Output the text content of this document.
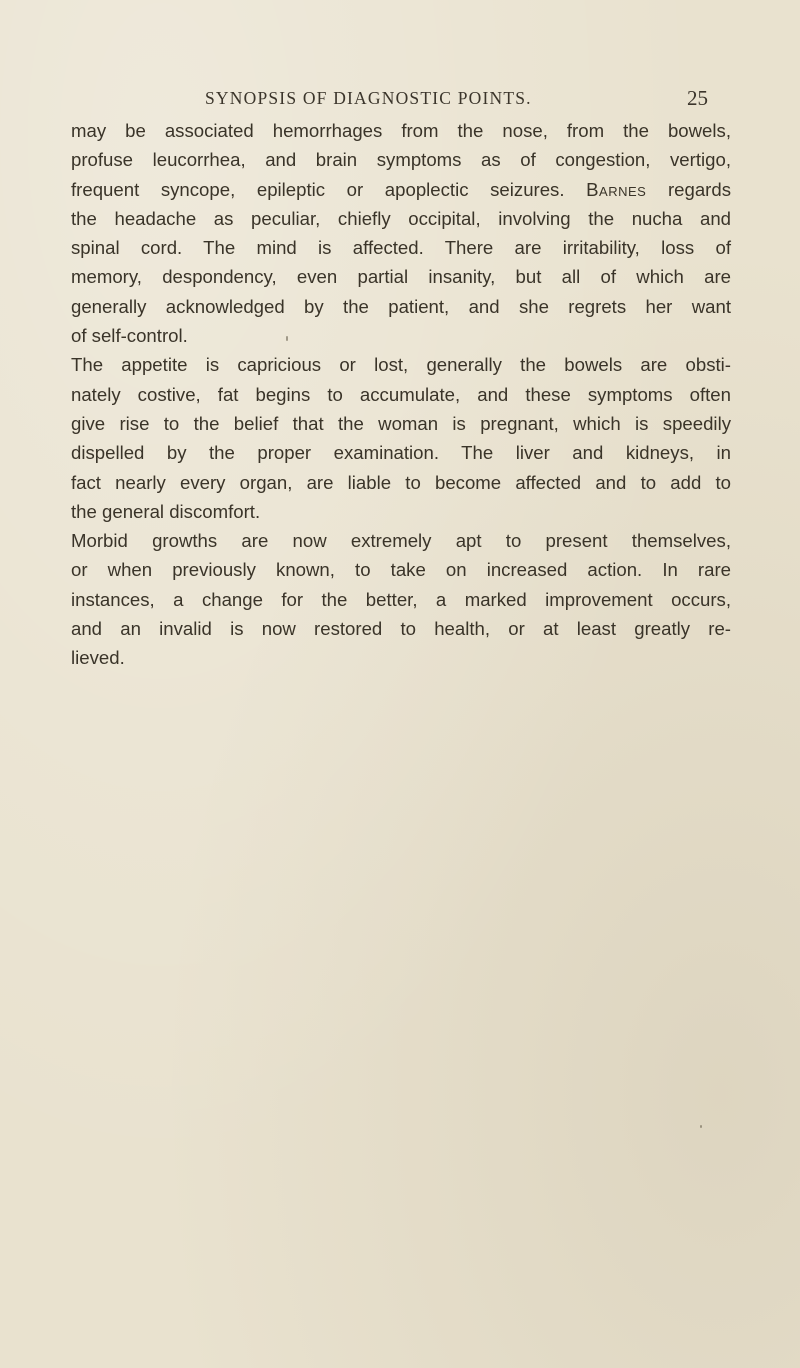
SYNOPSIS OF DIAGNOSTIC POINTS.	25
may be associated hemorrhages from the nose, from the bowels,
profuse leucorrhea, and brain symptoms as of congestion, vertigo,
frequent syncope, epileptic or apoplectic seizures. Barnes regards
the headache as peculiar, chiefly occipital, involving the nucha and
spinal cord. The mind is affected. There are irritability, loss of
memory, despondency, even partial insanity, but all of which are
generally acknowledged by the patient, and she regrets her want
of self-control.
The appetite is capricious or lost, generally the bowels are obsti-
nately costive, fat begins to accumulate, and these symptoms often
give rise to the belief that the woman is pregnant, which is speedily
dispelled by the proper examination. The liver and kidneys, in
fact nearly every organ, are liable to become affected and to add to
the general discomfort.
Morbid growths are now extremely apt to present themselves,
or when previously known, to take on increased action. In rare
instances, a change for the better, a marked improvement occurs,
and an invalid is now restored to health, or at least greatly re-
lieved.
